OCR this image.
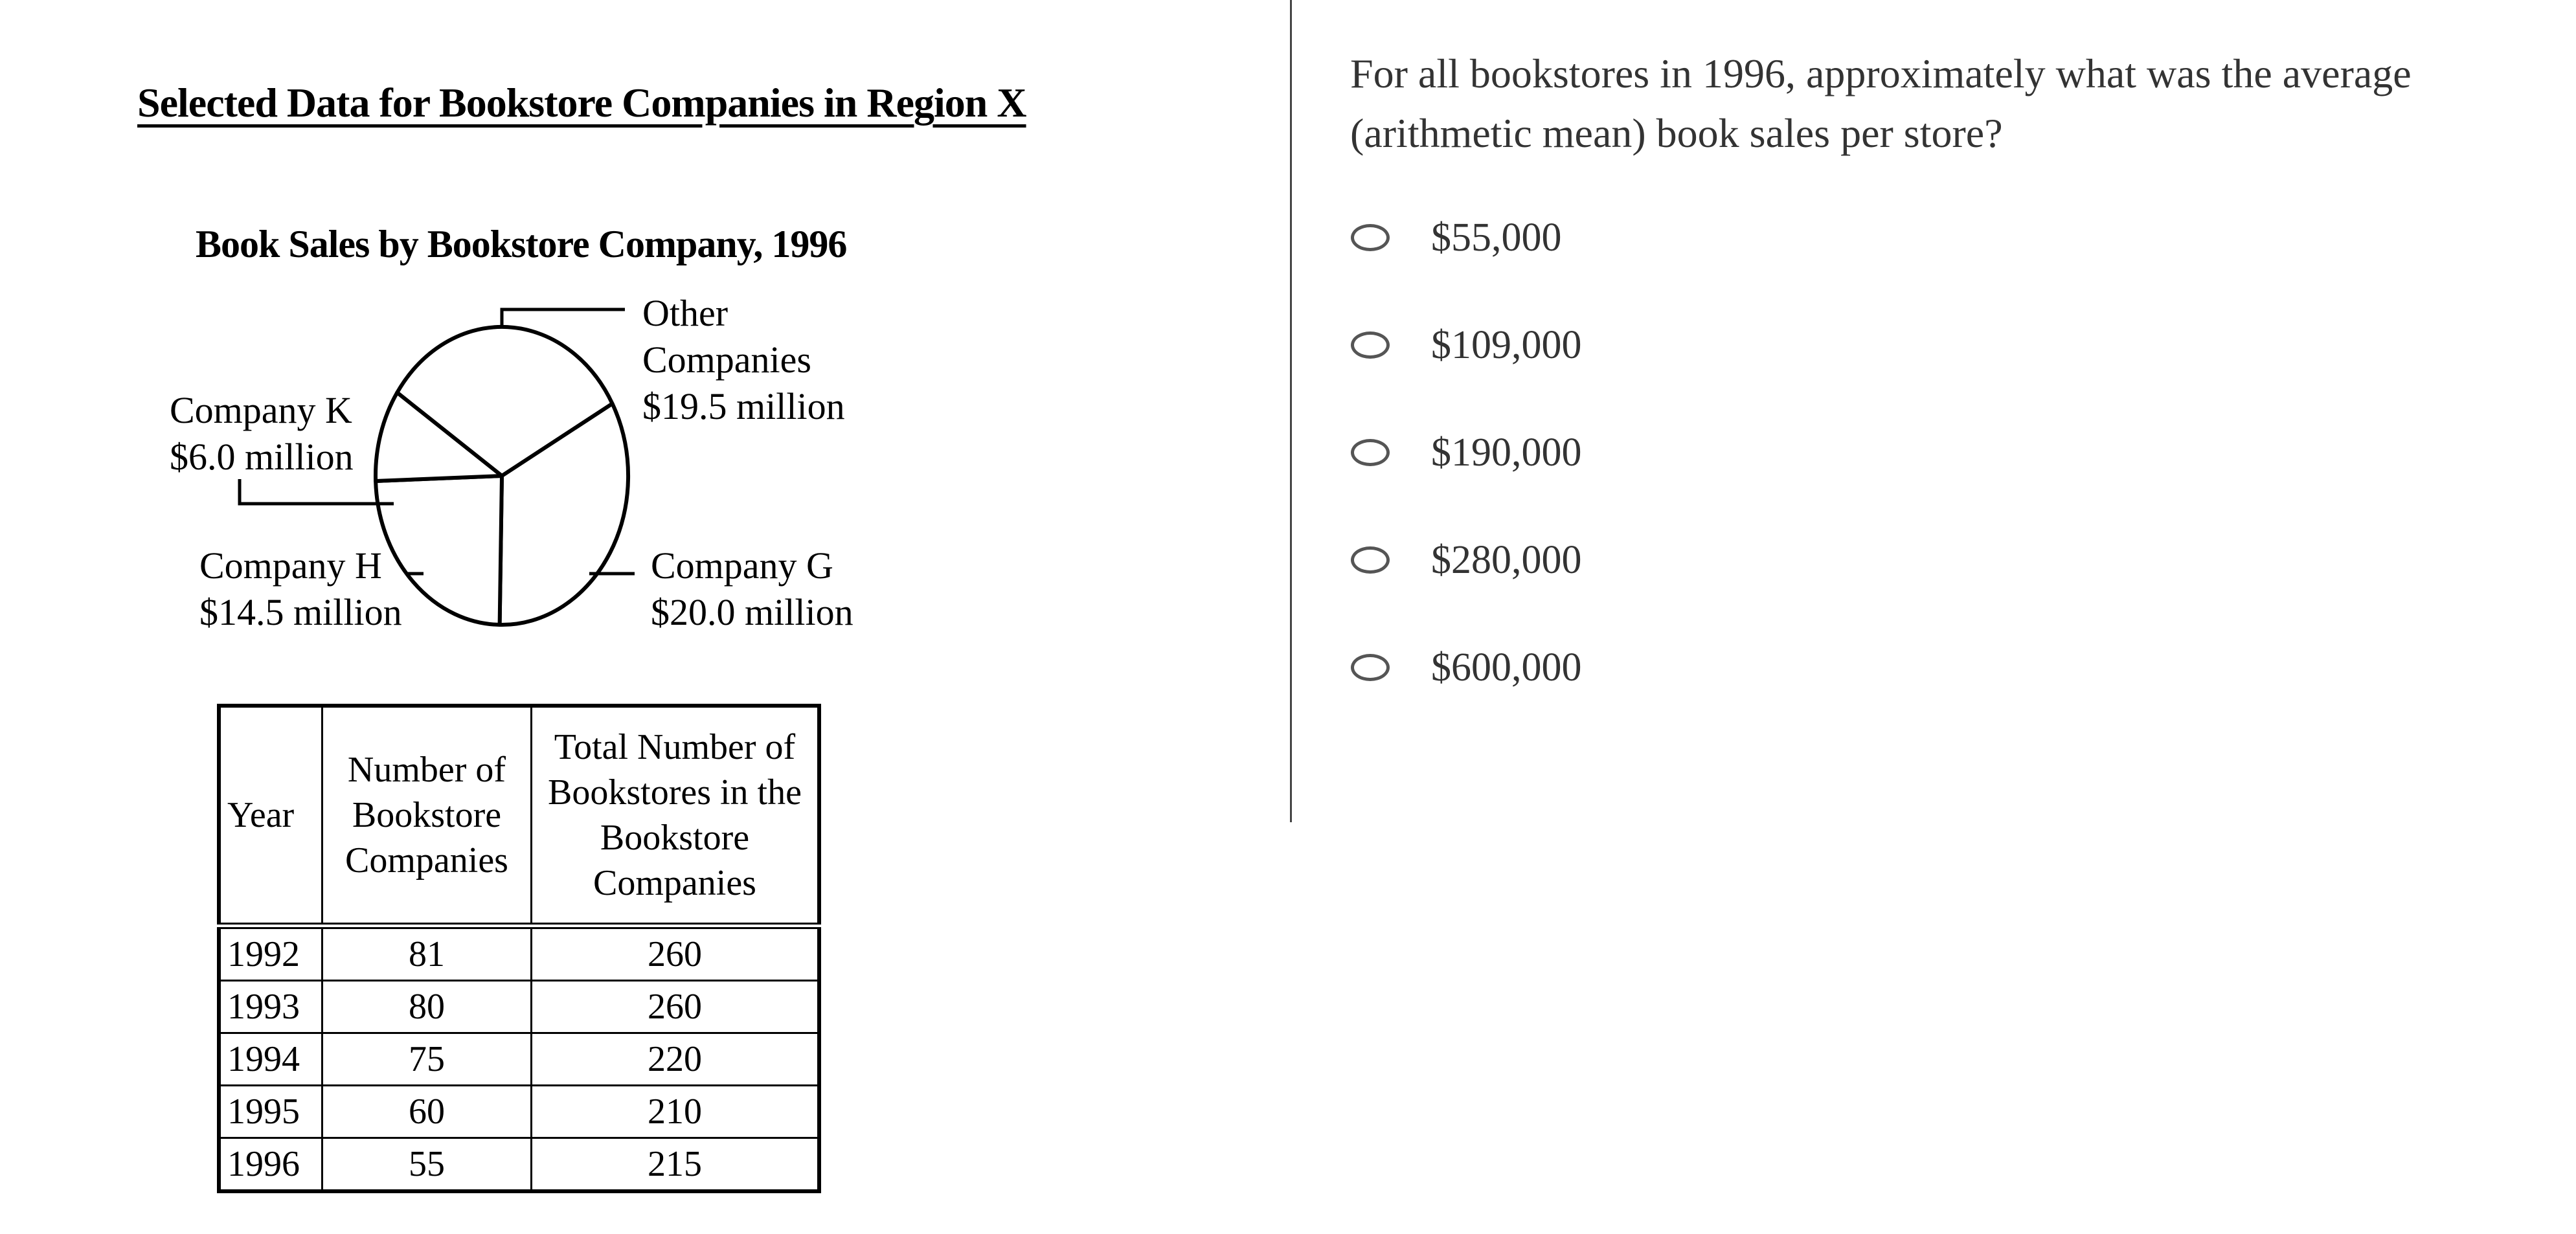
Selected Data for Bookstore Companies in Region X
Book Sales by Bookstore Company, 1996
Other
Companies
$19.5 million
Company K
$6.0 million
Company H
$14.5 million
Company G
$20.0 million
Year	Number of Bookstore Companies	Total Number of Bookstores in the Bookstore Companies
1992	81	260
1993	80	260
1994	75	220
1995	60	210
1996	55	215
For all bookstores in 1996, approximately what was the average (arithmetic mean) book sales per store?
$55,000
$109,000
$190,000
$280,000
$600,000
